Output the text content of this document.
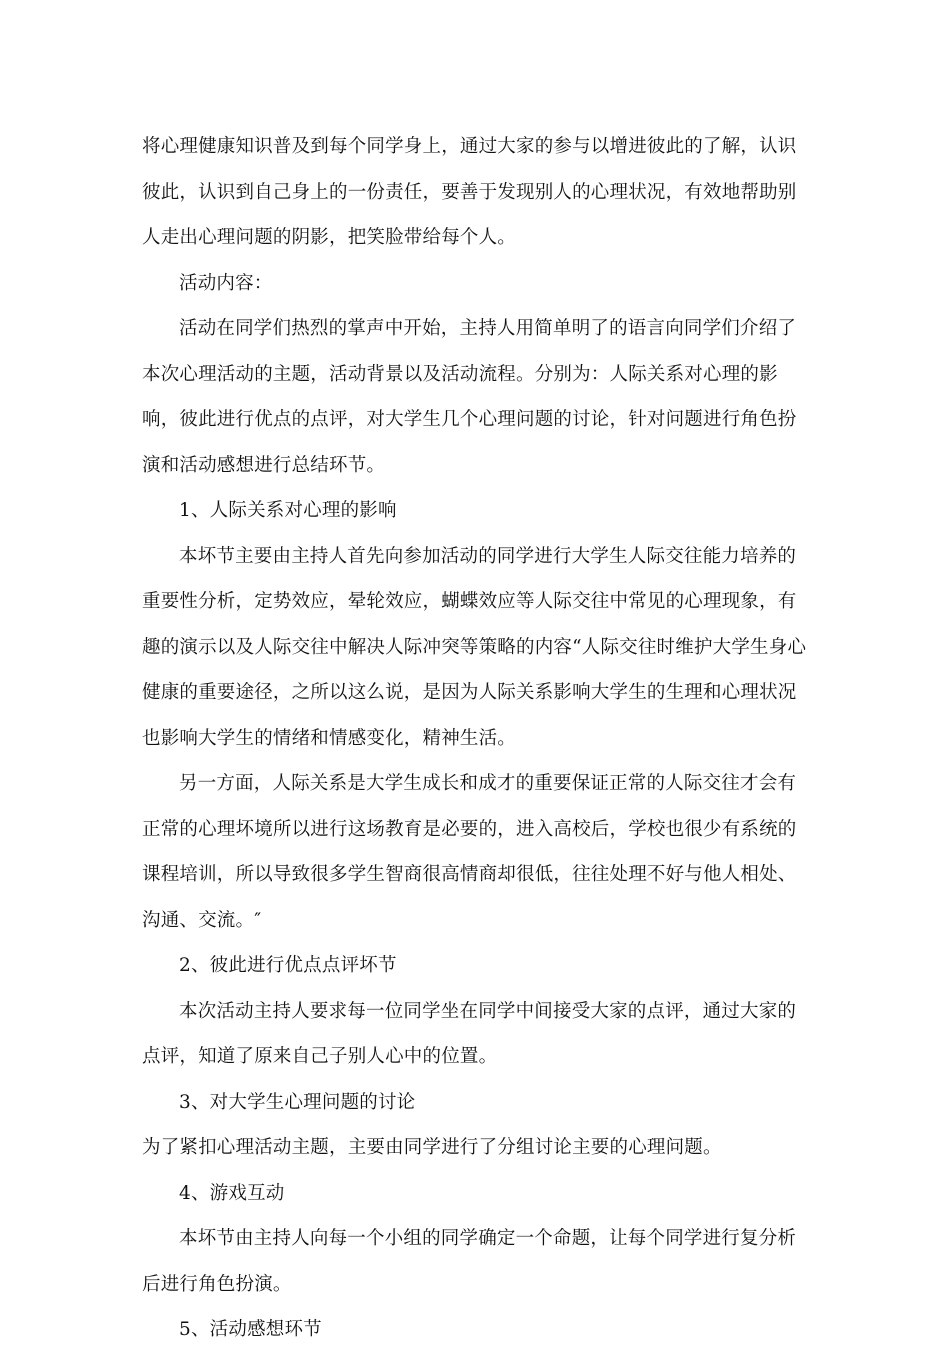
将心理健康知识普及到每个同学身上，通过大家的参与以增进彼此的了解，认识
彼此，认识到自己身上的一份责任，要善于发现别人的心理状况，有效地帮助别
人走出心理问题的阴影，把笑脸带给每个人。
活动内容：
活动在同学们热烈的掌声中开始，主持人用简单明了的语言向同学们介绍了
本次心理活动的主题，活动背景以及活动流程。分别为：人际关系对心理的影
响，彼此进行优点的点评，对大学生几个心理问题的讨论，针对问题进行角色扮
演和活动感想进行总结环节。
1、人际关系对心理的影响
本坏节主要由主持人首先向参加活动的同学进行大学生人际交往能力培养的
重要性分析，定势效应，晕轮效应，蝴蝶效应等人际交往中常见的心理现象，有
趣的演示以及人际交往中解决人际冲突等策略的内容“人际交往时维护大学生身心
健康的重要途径，之所以这么说，是因为人际关系影响大学生的生理和心理状况
也影响大学生的情绪和情感变化，精神生活。
另一方面，人际关系是大学生成长和成才的重要保证正常的人际交往才会有
正常的心理坏境所以进行这场教育是必要的，进入高校后，学校也很少有系统的
课程培训，所以导致很多学生智商很高情商却很低，往往处理不好与他人相处、
沟通、交流。″
2、彼此进行优点点评坏节
本次活动主持人要求每一位同学坐在同学中间接受大家的点评，通过大家的
点评，知道了原来自己子别人心中的位置。
3、对大学生心理问题的讨论
为了紧扣心理活动主题，主要由同学进行了分组讨论主要的心理问题。
4、游戏互动
本坏节由主持人向每一个小组的同学确定一个命题，让每个同学进行复分析
后进行角色扮演。
5、活动感想环节
